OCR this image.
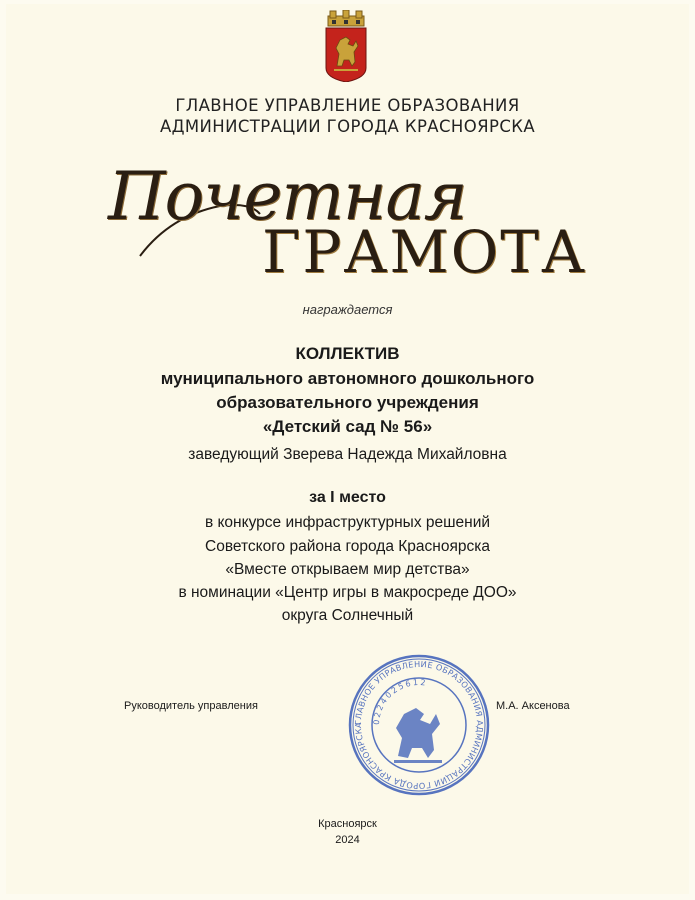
ГЛАВНОЕ УПРАВЛЕНИЕ ОБРАЗОВАНИЯ
АДМИНИСТРАЦИИ ГОРОДА КРАСНОЯРСКА
Почетная
ГРАМОТА
награждается
КОЛЛЕКТИВ
муниципального автономного дошкольного
образовательного учреждения
«Детский сад № 56»
заведующий Зверева Надежда Михайловна
за I место
в конкурсе инфраструктурных решений
Советского района города Красноярска
«Вместе открываем мир детства»
в номинации «Центр игры в макросреде ДОО»
округа Солнечный
Руководитель управления
ГЛАВНОЕ УПРАВЛЕНИЕ ОБРАЗОВАНИЯ АДМИНИСТРАЦИИ ГОРОДА КРАСНОЯРСКА	0224025612
М.А. Аксенова
Красноярск
2024
